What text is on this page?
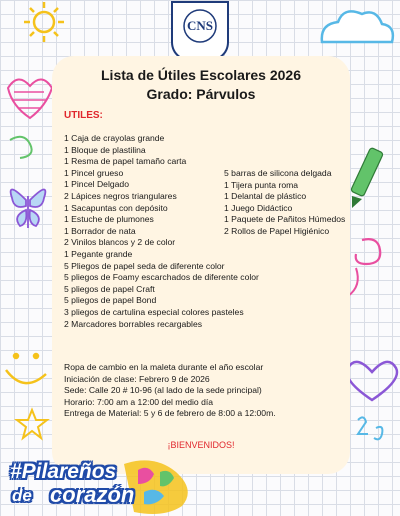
CNS
Lista de Útiles Escolares 2026
Grado: Párvulos
UTILES:
1 Caja de crayolas grande
1 Bloque de plastilina
1 Resma de papel tamaño carta
1 Pincel grueso
1 Pincel Delgado
2 Lápices negros triangulares
1 Sacapuntas con depósito
1 Estuche de plumones
1 Borrador de nata
2 Vinilos blancos y 2 de color
1 Pegante grande
5 Pliegos de papel seda de diferente color
5 pliegos de Foamy escarchados de diferente color
5 pliegos de papel Craft
5 pliegos de papel Bond
3 pliegos de cartulina especial colores pasteles
2 Marcadores borrables recargables
5 barras de silicona delgada
1 Tijera punta roma
1 Delantal de plástico
1 Juego Didáctico
1 Paquete de Pañitos Húmedos
2 Rollos de Papel Higiénico
Ropa de cambio en la maleta durante el año escolar
Iniciación de clase: Febrero 9 de 2026
Sede: Calle 20 # 10-96 (al lado de la sede principal)
Horario: 7:00 am a 12:00 del medio día
Entrega de Material: 5 y 6 de febrero de 8:00 a 12:00m.
¡BIENVENIDOS!
#Pilareños
de corazón
